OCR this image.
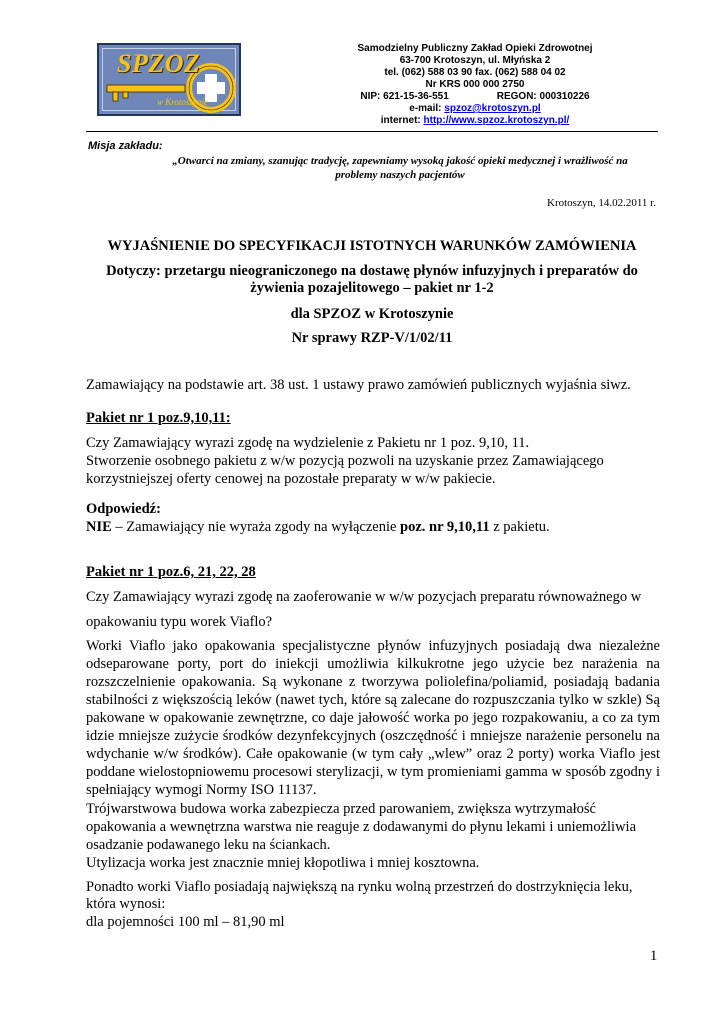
SPZOZ
w Krotoszynie
Samodzielny Publiczny Zakład Opieki Zdrowotnej
63-700 Krotoszyn, ul. Młyńska 2
tel. (062) 588 03 90 fax. (062) 588 04 02
Nr KRS 000 000 2750
NIP: 621-15-36-551	REGON: 000310226
e-mail: spzoz@krotoszyn.pl
internet: http://www.spzoz.krotoszyn.pl/
Misja zakładu:
„Otwarci na zmiany, szanując tradycję, zapewniamy wysoką jakość opieki medycznej i wrażliwość na
problemy naszych pacjentów
Krotoszyn, 14.02.2011 r.
WYJAŚNIENIE DO SPECYFIKACJI ISTOTNYCH WARUNKÓW ZAMÓWIENIA
Dotyczy: przetargu nieograniczonego na dostawę płynów infuzyjnych i preparatów do
żywienia pozajelitowego – pakiet nr 1-2
dla SPZOZ w Krotoszynie
Nr sprawy RZP-V/1/02/11
Zamawiający na podstawie art. 38 ust. 1 ustawy prawo zamówień publicznych wyjaśnia siwz.
Pakiet nr 1 poz.9,10,11:
Czy Zamawiający wyrazi zgodę na wydzielenie z Pakietu nr 1 poz. 9,10, 11.
Stworzenie osobnego pakietu z w/w pozycją pozwoli na uzyskanie przez Zamawiającego
korzystniejszej oferty cenowej na pozostałe preparaty w w/w pakiecie.
Odpowiedź:
NIE – Zamawiający nie wyraża zgody na wyłączenie poz. nr 9,10,11 z pakietu.
Pakiet nr 1 poz.6, 21, 22, 28
Czy Zamawiający wyrazi zgodę na zaoferowanie w w/w pozycjach preparatu równoważnego w
opakowaniu typu worek Viaflo?
Worki Viaflo jako opakowania specjalistyczne płynów infuzyjnych posiadają dwa niezależne odseparowane porty, port do iniekcji umożliwia kilkukrotne jego użycie bez narażenia na rozszczelnienie opakowania. Są wykonane z tworzywa poliolefina/poliamid, posiadają badania stabilności z większością leków (nawet tych, które są zalecane do rozpuszczania tylko w szkle) Są pakowane w opakowanie zewnętrzne, co daje jałowość worka po jego rozpakowaniu, a co za tym idzie mniejsze zużycie środków dezynfekcyjnych (oszczędność i mniejsze narażenie personelu na wdychanie w/w środków). Całe opakowanie (w tym cały „wlew” oraz 2 porty) worka Viaflo jest poddane wielostopniowemu procesowi sterylizacji, w tym promieniami gamma w sposób zgodny i spełniający wymogi Normy ISO 11137.
Trójwarstwowa budowa worka zabezpiecza przed parowaniem, zwiększa wytrzymałość
opakowania a wewnętrzna warstwa nie reaguje z dodawanymi do płynu lekami i uniemożliwia
osadzanie podawanego leku na ściankach.
Utylizacja worka jest znacznie mniej kłopotliwa i mniej kosztowna.
Ponadto worki Viaflo posiadają największą na rynku wolną przestrzeń do dostrzyknięcia leku,
która wynosi:
dla pojemności 100 ml – 81,90 ml
1
